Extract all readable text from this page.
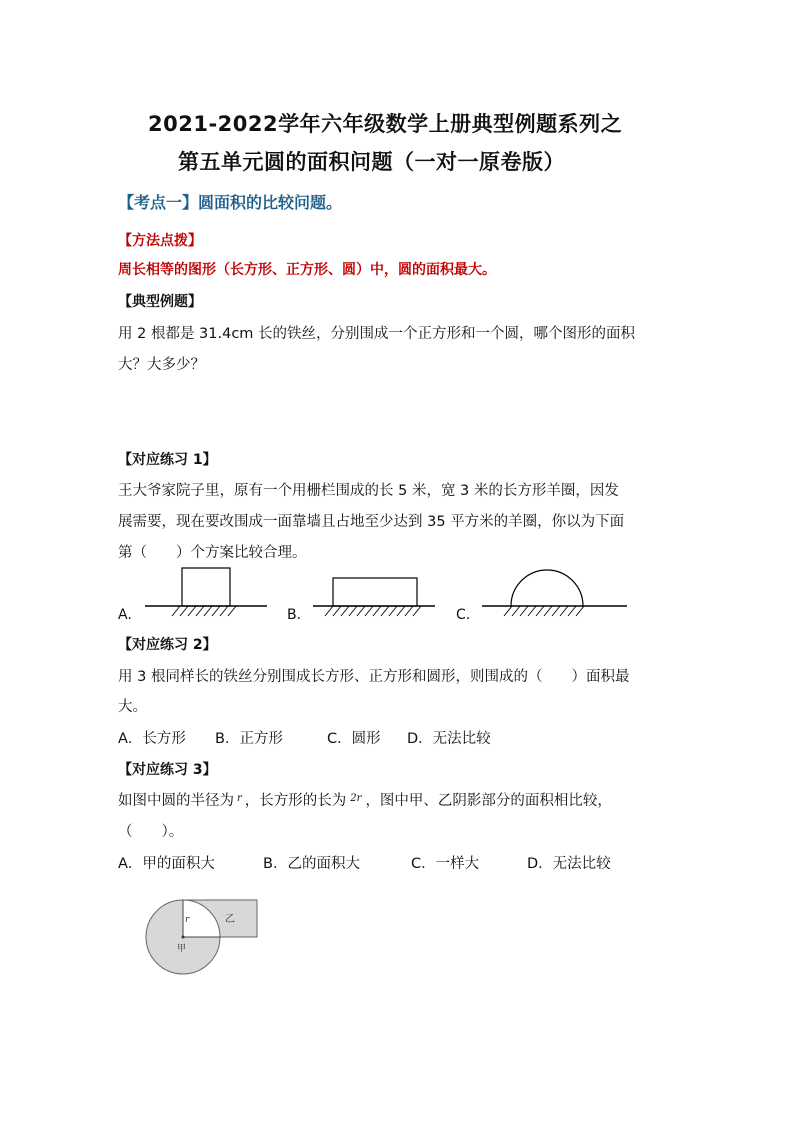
2021-2022学年六年级数学上册典型例题系列之
第五单元圆的面积问题（一对一原卷版）
【考点一】圆面积的比较问题。
【方法点拨】
周长相等的图形（长方形、正方形、圆）中，圆的面积最大。
【典型例题】
用 2 根都是 31.4cm 长的铁丝，分别围成一个正方形和一个圆，哪个图形的面积
大？大多少？
【对应练习 1】
王大爷家院子里，原有一个用栅栏围成的长 5 米，宽 3 米的长方形羊圈，因发
展需要，现在要改围成一面靠墙且占地至少达到 35 平方米的羊圈，你以为下面
第（　　）个方案比较合理。
A.	B.	C.
【对应练习 2】
用 3 根同样长的铁丝分别围成长方形、正方形和圆形，则围成的（　　）面积最
大。
A．长方形 B．正方形	C．圆形 D．无法比较
【对应练习 3】
如图中圆的半径为 $^r$ ，长方形的长为 $^{2r}$ ，图中甲、乙阴影部分的面积相比较，
（　　）。
A．甲的面积大	B．乙的面积大	C．一样大	D．无法比较
r	乙
甲
